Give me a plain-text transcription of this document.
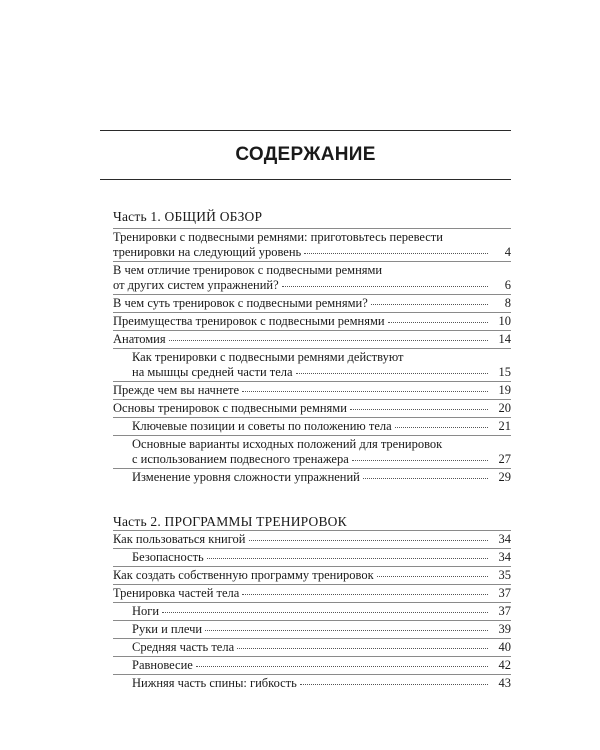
СОДЕРЖАНИЕ
Часть 1. ОБЩИЙ ОБЗОР
Тренировки с подвесными ремнями: приготовьтесь перевести
тренировки на следующий уровень	4
В чем отличие тренировок с подвесными ремнями
от других систем упражнений?	6
В чем суть тренировок с подвесными ремнями?	8
Преимущества тренировок с подвесными ремнями	10
Анатомия	14
Как тренировки с подвесными ремнями действуют
на мышцы средней части тела	15
Прежде чем вы начнете	19
Основы тренировок с подвесными ремнями	20
Ключевые позиции и советы по положению тела	21
Основные варианты исходных положений для тренировок
с использованием подвесного тренажера	27
Изменение уровня сложности упражнений	29
Часть 2. ПРОГРАММЫ ТРЕНИРОВОК
Как пользоваться книгой	34
Безопасность	34
Как создать собственную программу тренировок	35
Тренировка частей тела	37
Ноги	37
Руки и плечи	39
Средняя часть тела	40
Равновесие	42
Нижняя часть спины: гибкость	43
